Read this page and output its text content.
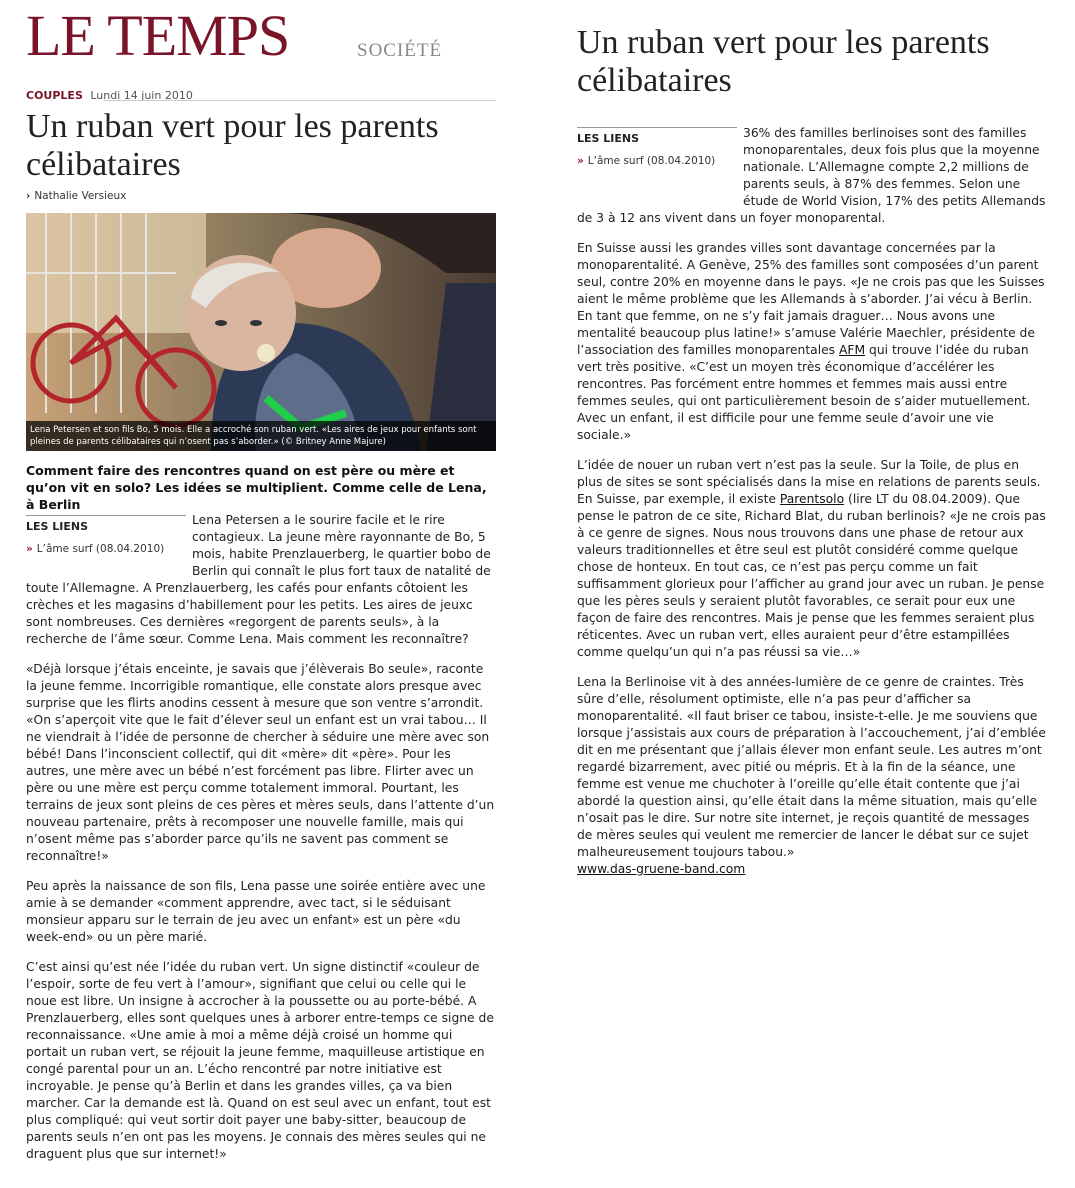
LE TEMPS	SOCIÉTÉ
COUPLES Lundi 14 juin 2010
Un ruban vert pour les parents célibataires
Un ruban vert pour les parents célibataires
› Nathalie Versieux
Lena Petersen et son fils Bo, 5 mois. Elle a accroché son ruban vert. «Les aires de jeux pour enfants sont pleines de parents célibataires qui n’osent pas s’aborder.» (© Britney Anne Majure)
Comment faire des rencontres quand on est père ou mère et qu’on vit en solo? Les idées se multiplient. Comme celle de Lena, à Berlin
LES LIENS
» L’âme surf (08.04.2010)

Lena Petersen a le sourire facile et le rire contagieux. La jeune mère rayonnante de Bo, 5 mois, habite Prenzlauerberg, le quartier bobo de Berlin qui connaît le plus fort taux de natalité de toute l’Allemagne. A Prenzlauerberg, les cafés pour enfants côtoient les crèches et les magasins d’habillement pour les petits. Les aires de jeuxc sont nombreuses. Ces dernières «regorgent de parents seuls», à la recherche de l’âme sœur. Comme Lena. Mais comment les reconnaître?

«Déjà lorsque j’étais enceinte, je savais que j’élèverais Bo seule», raconte la jeune femme. Incorrigible romantique, elle constate alors presque avec surprise que les flirts anodins cessent à mesure que son ventre s’arrondit. «On s’aperçoit vite que le fait d’élever seul un enfant est un vrai tabou… Il ne viendrait à l’idée de personne de chercher à séduire une mère avec son bébé! Dans l’inconscient collectif, qui dit «mère» dit «père». Pour les autres, une mère avec un bébé n’est forcément pas libre. Flirter avec un père ou une mère est perçu comme totalement immoral. Pourtant, les terrains de jeux sont pleins de ces pères et mères seuls, dans l’attente d’un nouveau partenaire, prêts à recomposer une nouvelle famille, mais qui n’osent même pas s’aborder parce qu’ils ne savent pas comment se reconnaître!»

Peu après la naissance de son fils, Lena passe une soirée entière avec une amie à se demander «comment apprendre, avec tact, si le séduisant monsieur apparu sur le terrain de jeu avec un enfant» est un père «du week-end» ou un père marié.

C’est ainsi qu’est née l’idée du ruban vert. Un signe distinctif «couleur de l’espoir, sorte de feu vert à l’amour», signifiant que celui ou celle qui le noue est libre. Un insigne à accrocher à la poussette ou au porte-bébé. A Prenzlauerberg, elles sont quelques unes à arborer entre-temps ce signe de reconnaissance. «Une amie à moi a même déjà croisé un homme qui portait un ruban vert, se réjouit la jeune femme, maquilleuse artistique en congé parental pour un an. L’écho rencontré par notre initiative est incroyable. Je pense qu’à Berlin et dans les grandes villes, ça va bien marcher. Car la demande est là. Quand on est seul avec un enfant, tout est plus compliqué: qui veut sortir doit payer une baby-sitter, beaucoup de parents seuls n’en ont pas les moyens. Je connais des mères seules qui ne draguent plus que sur internet!»

LES LIENS
» L’âme surf (08.04.2010)

36% des familles berlinoises sont des familles monoparentales, deux fois plus que la moyenne nationale. L’Allemagne compte 2,2 millions de parents seuls, à 87% des femmes. Selon une étude de World Vision, 17% des petits Allemands de 3 à 12 ans vivent dans un foyer monoparental.

En Suisse aussi les grandes villes sont davantage concernées par la monoparentalité. A Genève, 25% des familles sont composées d’un parent seul, contre 20% en moyenne dans le pays. «Je ne crois pas que les Suisses aient le même problème que les Allemands à s’aborder. J’ai vécu à Berlin. En tant que femme, on ne s’y fait jamais draguer… Nous avons une mentalité beaucoup plus latine!» s’amuse Valérie Maechler, présidente de l’association des familles monoparentales AFM qui trouve l’idée du ruban vert très positive. «C’est un moyen très économique d’accélérer les rencontres. Pas forcément entre hommes et femmes mais aussi entre femmes seules, qui ont particulièrement besoin de s’aider mutuellement. Avec un enfant, il est difficile pour une femme seule d’avoir une vie sociale.»

L’idée de nouer un ruban vert n’est pas la seule. Sur la Toile, de plus en plus de sites se sont spécialisés dans la mise en relations de parents seuls. En Suisse, par exemple, il existe Parentsolo (lire LT du 08.04.2009). Que pense le patron de ce site, Richard Blat, du ruban berlinois? «Je ne crois pas à ce genre de signes. Nous nous trouvons dans une phase de retour aux valeurs traditionnelles et être seul est plutôt considéré comme quelque chose de honteux. En tout cas, ce n’est pas perçu comme un fait suffisamment glorieux pour l’afficher au grand jour avec un ruban. Je pense que les pères seuls y seraient plutôt favorables, ce serait pour eux une façon de faire des rencontres. Mais je pense que les femmes seraient plus réticentes. Avec un ruban vert, elles auraient peur d’être estampillées comme quelqu’un qui n’a pas réussi sa vie…»

Lena la Berlinoise vit à des années-lumière de ce genre de craintes. Très sûre d’elle, résolument optimiste, elle n’a pas peur d’afficher sa monoparentalité. «Il faut briser ce tabou, insiste-t-elle. Je me souviens que lorsque j’assistais aux cours de préparation à l’accouchement, j’ai d’emblée dit en me présentant que j’allais élever mon enfant seule. Les autres m’ont regardé bizarrement, avec pitié ou mépris. Et à la fin de la séance, une femme est venue me chuchoter à l’oreille qu’elle était contente que j’ai abordé la question ainsi, qu’elle était dans la même situation, mais qu’elle n’osait pas le dire. Sur notre site internet, je reçois quantité de messages de mères seules qui veulent me remercier de lancer le débat sur ce sujet malheureusement toujours tabou.»

www.das-gruene-band.com
